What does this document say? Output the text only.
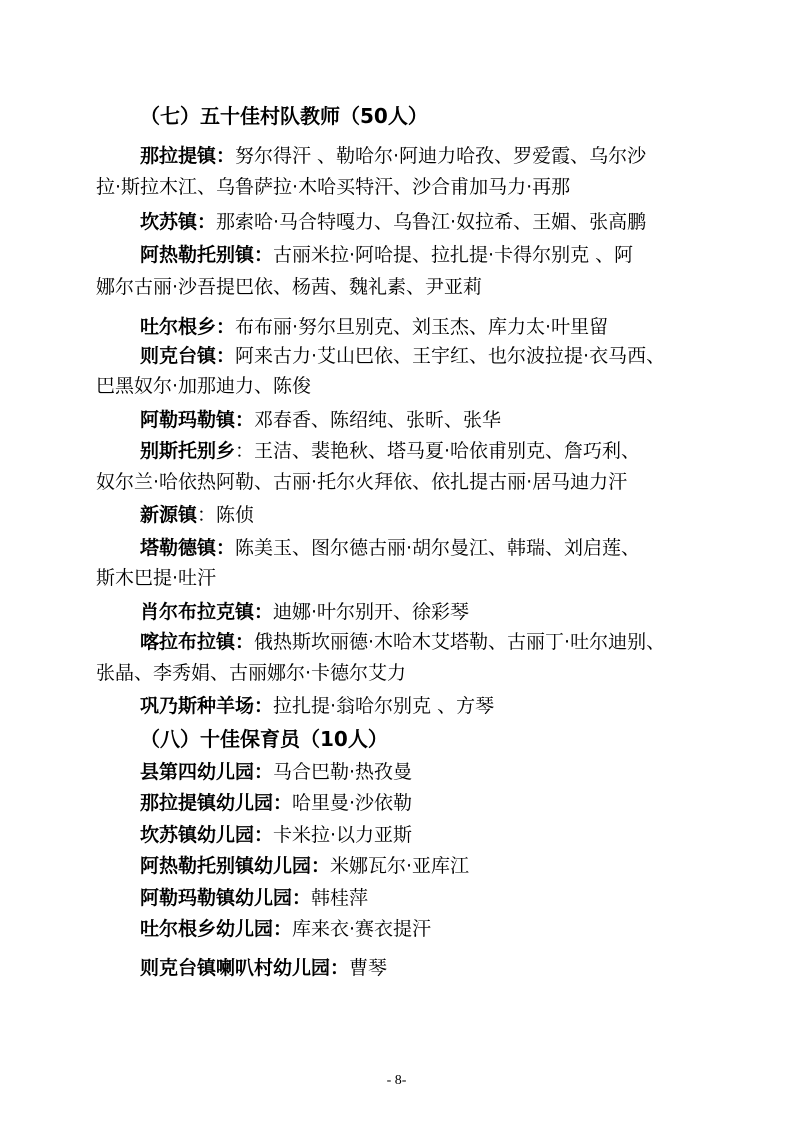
（七）五十佳村队教师（50人）
那拉提镇：努尔得汗 、勒哈尔·阿迪力哈孜、罗爱霞、乌尔沙
拉·斯拉木江、乌鲁萨拉·木哈买特汗、沙合甫加马力·再那
坎苏镇：那索哈·马合特嘎力、乌鲁江·奴拉希、王媚、张高鹏
阿热勒托别镇：古丽米拉·阿哈提、拉扎提·卡得尔别克 、阿
娜尔古丽·沙吾提巴依、杨茜、魏礼素、尹亚莉
吐尔根乡：布布丽·努尔旦别克、刘玉杰、库力太·叶里留
则克台镇：阿来古力·艾山巴依、王宇红、也尔波拉提·衣马西、
巴黑奴尔·加那迪力、陈俊
阿勒玛勒镇：邓春香、陈绍纯、张昕、张华
别斯托别乡：王洁、裴艳秋、塔马夏·哈依甫别克、詹巧利、
奴尔兰·哈依热阿勒、古丽·托尔火拜依、依扎提古丽·居马迪力汗
新源镇：陈侦
塔勒德镇：陈美玉、图尔德古丽·胡尔曼江、韩瑞、刘启莲、
斯木巴提·吐汗
肖尔布拉克镇：迪娜·叶尔别开、徐彩琴
喀拉布拉镇：俄热斯坎丽德·木哈木艾塔勒、古丽丁·吐尔迪别、
张晶、李秀娟、古丽娜尔·卡德尔艾力
巩乃斯种羊场：拉扎提·翁哈尔别克 、方琴
（八）十佳保育员（10人）
县第四幼儿园：马合巴勒·热孜曼
那拉提镇幼儿园：哈里曼·沙依勒
坎苏镇幼儿园：卡米拉·以力亚斯
阿热勒托别镇幼儿园：米娜瓦尔·亚库江
阿勒玛勒镇幼儿园：韩桂萍
吐尔根乡幼儿园：库来衣·赛衣提汗
则克台镇喇叭村幼儿园：曹琴
- 8-
